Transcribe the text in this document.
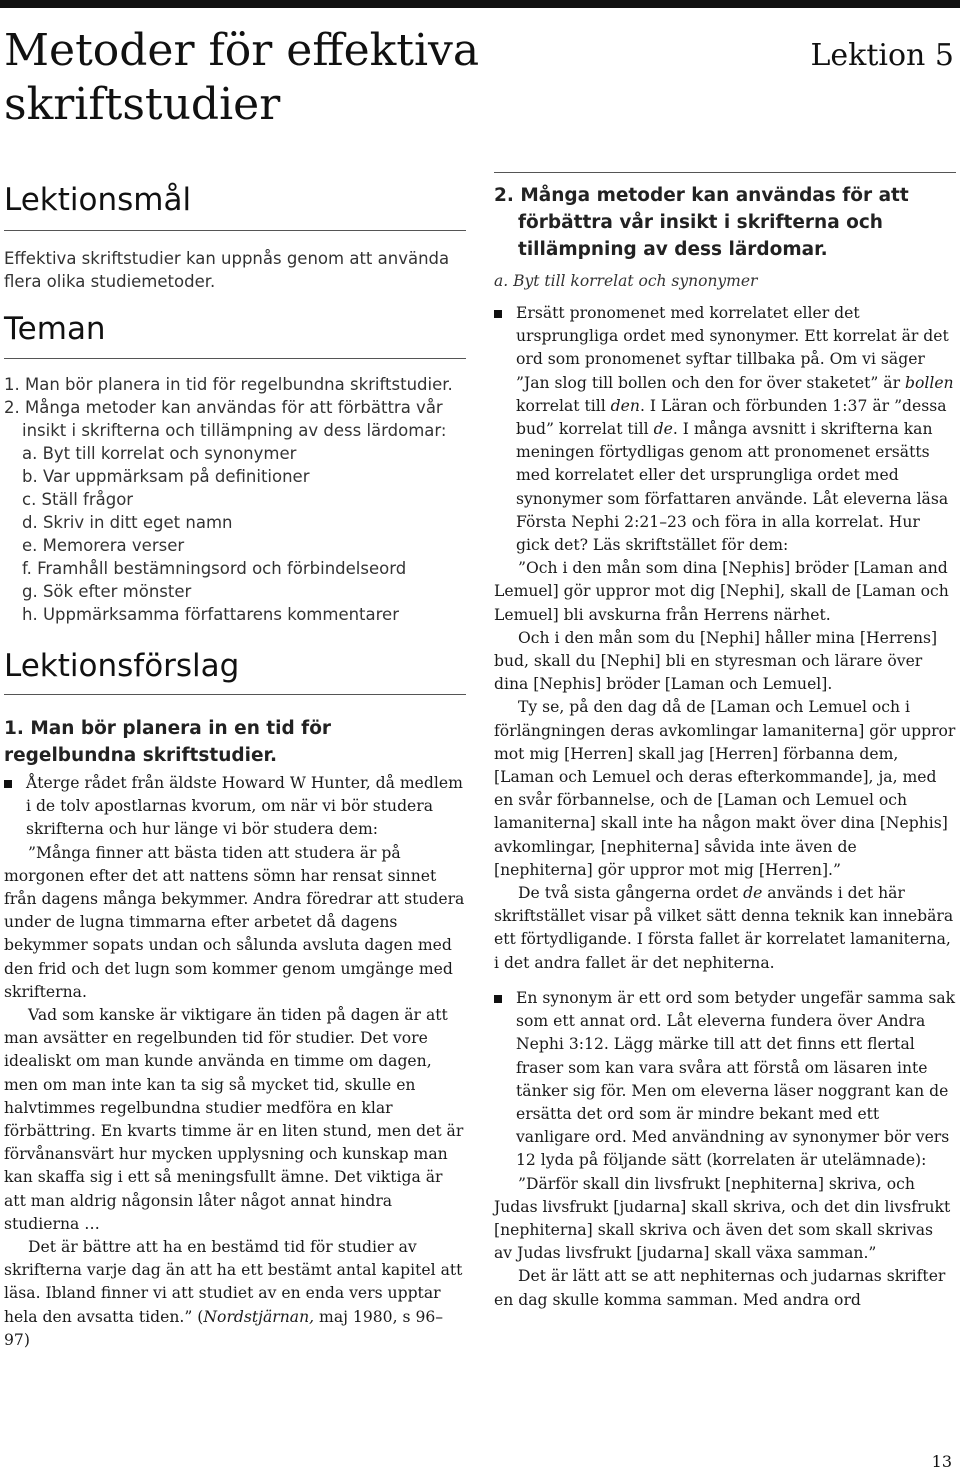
Metoder för effektiva skriftstudier
Lektion 5
Lektionsmål

Effektiva skriftstudier kan uppnås genom att använda flera olika studiemetoder.

Teman
1. Man bör planera in tid för regelbundna skriftstudier.
2. Många metoder kan användas för att förbättra vår insikt i skrifterna och tillämpning av dess lärdomar:
a. Byt till korrelat och synonymer
b. Var uppmärksam på definitioner
c. Ställ frågor
d. Skriv in ditt eget namn
e. Memorera verser
f. Framhåll bestämningsord och förbindelseord
g. Sök efter mönster
h. Uppmärksamma författarens kommentarer
Lektionsförslag
1. Man bör planera in en tid för regelbundna skriftstudier.

Återge rådet från äldste Howard W Hunter, då medlem i de tolv apostlarnas kvorum, om när vi bör studera skrifterna och hur länge vi bör studera dem:

”Många finner att bästa tiden att studera är på morgonen efter det att nattens sömn har rensat sinnet från dagens många bekymmer. Andra föredrar att studera under de lugna timmarna efter arbetet då dagens bekymmer sopats undan och sålunda avsluta dagen med den frid och det lugn som kommer genom umgänge med skrifterna.

Vad som kanske är viktigare än tiden på dagen är att man avsätter en regelbunden tid för studier. Det vore idealiskt om man kunde använda en timme om dagen, men om man inte kan ta sig så mycket tid, skulle en halvtimmes regelbundna studier medföra en klar förbättring. En kvarts timme är en liten stund, men det är förvånansvärt hur mycken upplysning och kunskap man kan skaffa sig i ett så meningsfullt ämne. Det viktiga är att man aldrig någonsin låter något annat hindra studierna …

Det är bättre att ha en bestämd tid för studier av skrifterna varje dag än att ha ett bestämt antal kapitel att läsa. Ibland finner vi att studiet av en enda vers upptar hela den avsatta tiden.” (Nordstjärnan, maj 1980, s 96–97)

2. Många metoder kan användas för att förbättra vår insikt i skrifterna och tillämpning av dess lärdomar.

a. Byt till korrelat och synonymer

Ersätt pronomenet med korrelatet eller det ursprungliga ordet med synonymer. Ett korrelat är det ord som pronomenet syftar tillbaka på. Om vi säger ”Jan slog till bollen och den for över staketet” är bollen korrelat till den. I Läran och förbunden 1:37 är ”dessa bud” korrelat till de. I många avsnitt i skrifterna kan meningen förtydligas genom att pronomenet ersätts med korrelatet eller det ursprungliga ordet med synonymer som författaren använde. Låt eleverna läsa Första Nephi 2:21–23 och föra in alla korrelat. Hur gick det? Läs skriftstället för dem:

”Och i den mån som dina [Nephis] bröder [Laman and Lemuel] gör uppror mot dig [Nephi], skall de [Laman och Lemuel] bli avskurna från Herrens närhet.

Och i den mån som du [Nephi] håller mina [Herrens] bud, skall du [Nephi] bli en styresman och lärare över dina [Nephis] bröder [Laman och Lemuel].

Ty se, på den dag då de [Laman och Lemuel och i förlängningen deras avkomlingar lamaniterna] gör uppror mot mig [Herren] skall jag [Herren] förbanna dem, [Laman och Lemuel och deras efterkommande], ja, med en svår förbannelse, och de [Laman och Lemuel och lamaniterna] skall inte ha någon makt över dina [Nephis] avkomlingar, [nephiterna] såvida inte även de [nephiterna] gör uppror mot mig [Herren].”

De två sista gångerna ordet de används i det här skriftstället visar på vilket sätt denna teknik kan innebära ett förtydligande. I första fallet är korrelatet lamaniterna, i det andra fallet är det nephiterna.

En synonym är ett ord som betyder ungefär samma sak som ett annat ord. Låt eleverna fundera över Andra Nephi 3:12. Lägg märke till att det finns ett flertal fraser som kan vara svåra att förstå om läsaren inte tänker sig för. Men om eleverna läser noggrant kan de ersätta det ord som är mindre bekant med ett vanligare ord. Med användning av synonymer bör vers 12 lyda på följande sätt (korrelaten är utelämnade):

”Därför skall din livsfrukt [nephiterna] skriva, och Judas livsfrukt [judarna] skall skriva, och det din livsfrukt [nephiterna] skall skriva och även det som skall skrivas av Judas livsfrukt [judarna] skall växa samman.”

Det är lätt att se att nephiternas och judarnas skrifter en dag skulle komma samman. Med andra ord

13
